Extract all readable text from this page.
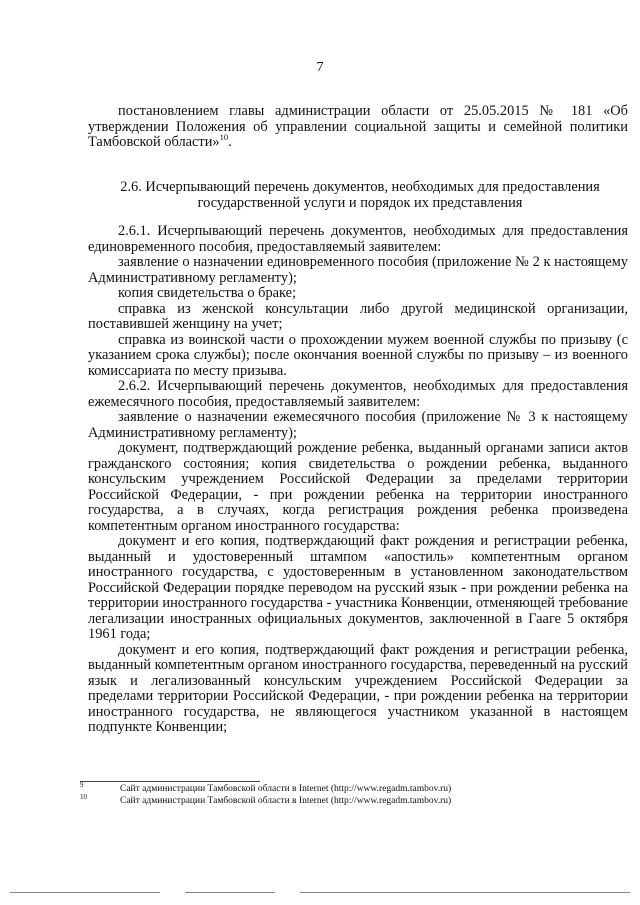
7

постановлением главы администрации области от 25.05.2015 № 181 «Об утверждении Положения об управлении социальной защиты и семейной политики Тамбовской области»$^{10}$.

2.6. Исчерпывающий перечень документов, необходимых для предоставления государственной услуги и порядок их представления

2.6.1. Исчерпывающий перечень документов, необходимых для предоставления единовременного пособия, предоставляемый заявителем:

заявление о назначении единовременного пособия (приложение № 2 к настоящему Административному регламенту);

копия свидетельства о браке;

справка из женской консультации либо другой медицинской организации, поставившей женщину на учет;

справка из воинской части о прохождении мужем военной службы по призыву (с указанием срока службы); после окончания военной службы по призыву – из военного комиссариата по месту призыва.

2.6.2. Исчерпывающий перечень документов, необходимых для предоставления ежемесячного пособия, предоставляемый заявителем:

заявление о назначении ежемесячного пособия (приложение № 3 к настоящему Административному регламенту);

документ, подтверждающий рождение ребенка, выданный органами записи актов гражданского состояния; копия свидетельства о рождении ребенка, выданного консульским учреждением Российской Федерации за пределами территории Российской Федерации, - при рождении ребенка на территории иностранного государства, а в случаях, когда регистрация рождения ребенка произведена компетентным органом иностранного государства:

документ и его копия, подтверждающий факт рождения и регистрации ребенка, выданный и удостоверенный штампом «апостиль» компетентным органом иностранного государства, с удостоверенным в установленном законодательством Российской Федерации порядке переводом на русский язык - при рождении ребенка на территории иностранного государства - участника Конвенции, отменяющей требование легализации иностранных официальных документов, заключенной в Гааге 5 октября 1961 года;

документ и его копия, подтверждающий факт рождения и регистрации ребенка, выданный компетентным органом иностранного государства, переведенный на русский язык и легализованный консульским учреждением Российской Федерации за пределами территории Российской Федерации, - при рождении ребенка на территории иностранного государства, не являющегося участником указанной в настоящем подпункте Конвенции;

9	Сайт администрации Тамбовской области в Internet (http://www.regadm.tambov.ru)
10	Сайт администрации Тамбовской области в Internet (http://www.regadm.tambov.ru)
